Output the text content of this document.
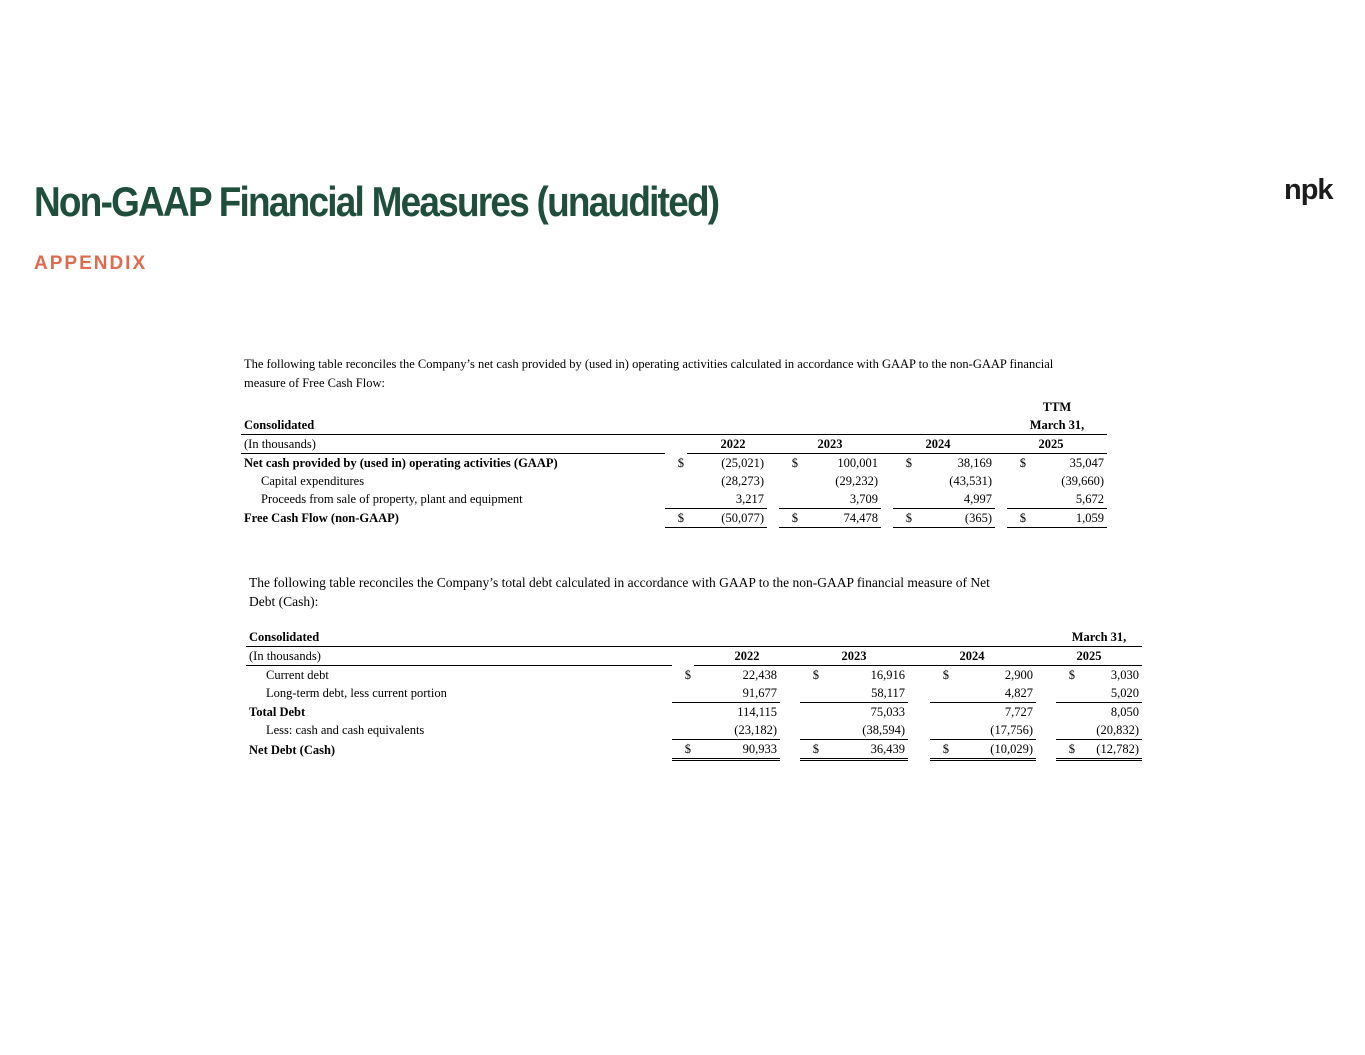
Non-GAAP Financial Measures (unaudited)
APPENDIX
npk

The following table reconciles the Company’s net cash provided by (used in) operating activities calculated in accordance with GAAP to the non-GAAP financial measure of Free Cash Flow:

										TTM	
Consolidated										March 31,	
(In thousands)		2022		2023		2024			2025		
Net cash provided by (used in) operating activities (GAAP)	$	(25,021)		$	100,001		$	38,169		$	35,047
Capital expenditures		(28,273)			(29,232)			(43,531)			(39,660)
Proceeds from sale of property, plant and equipment		3,217			3,709			4,997			5,672
Free Cash Flow (non-GAAP)	$	(50,077)		$	74,478		$	(365)		$	1,059

The following table reconciles the Company’s total debt calculated in accordance with GAAP to the non-GAAP financial measure of Net Debt (Cash):

Consolidated										March 31,	
(In thousands)		2022		2023		2024			2025		
Current debt	$	22,438		$	16,916		$	2,900		$	3,030
Long-term debt, less current portion		91,677			58,117			4,827			5,020
Total Debt		114,115			75,033			7,727			8,050
Less: cash and cash equivalents		(23,182)			(38,594)			(17,756)			(20,832)
Net Debt (Cash)	$	90,933		$	36,439		$	(10,029)		$	(12,782)
